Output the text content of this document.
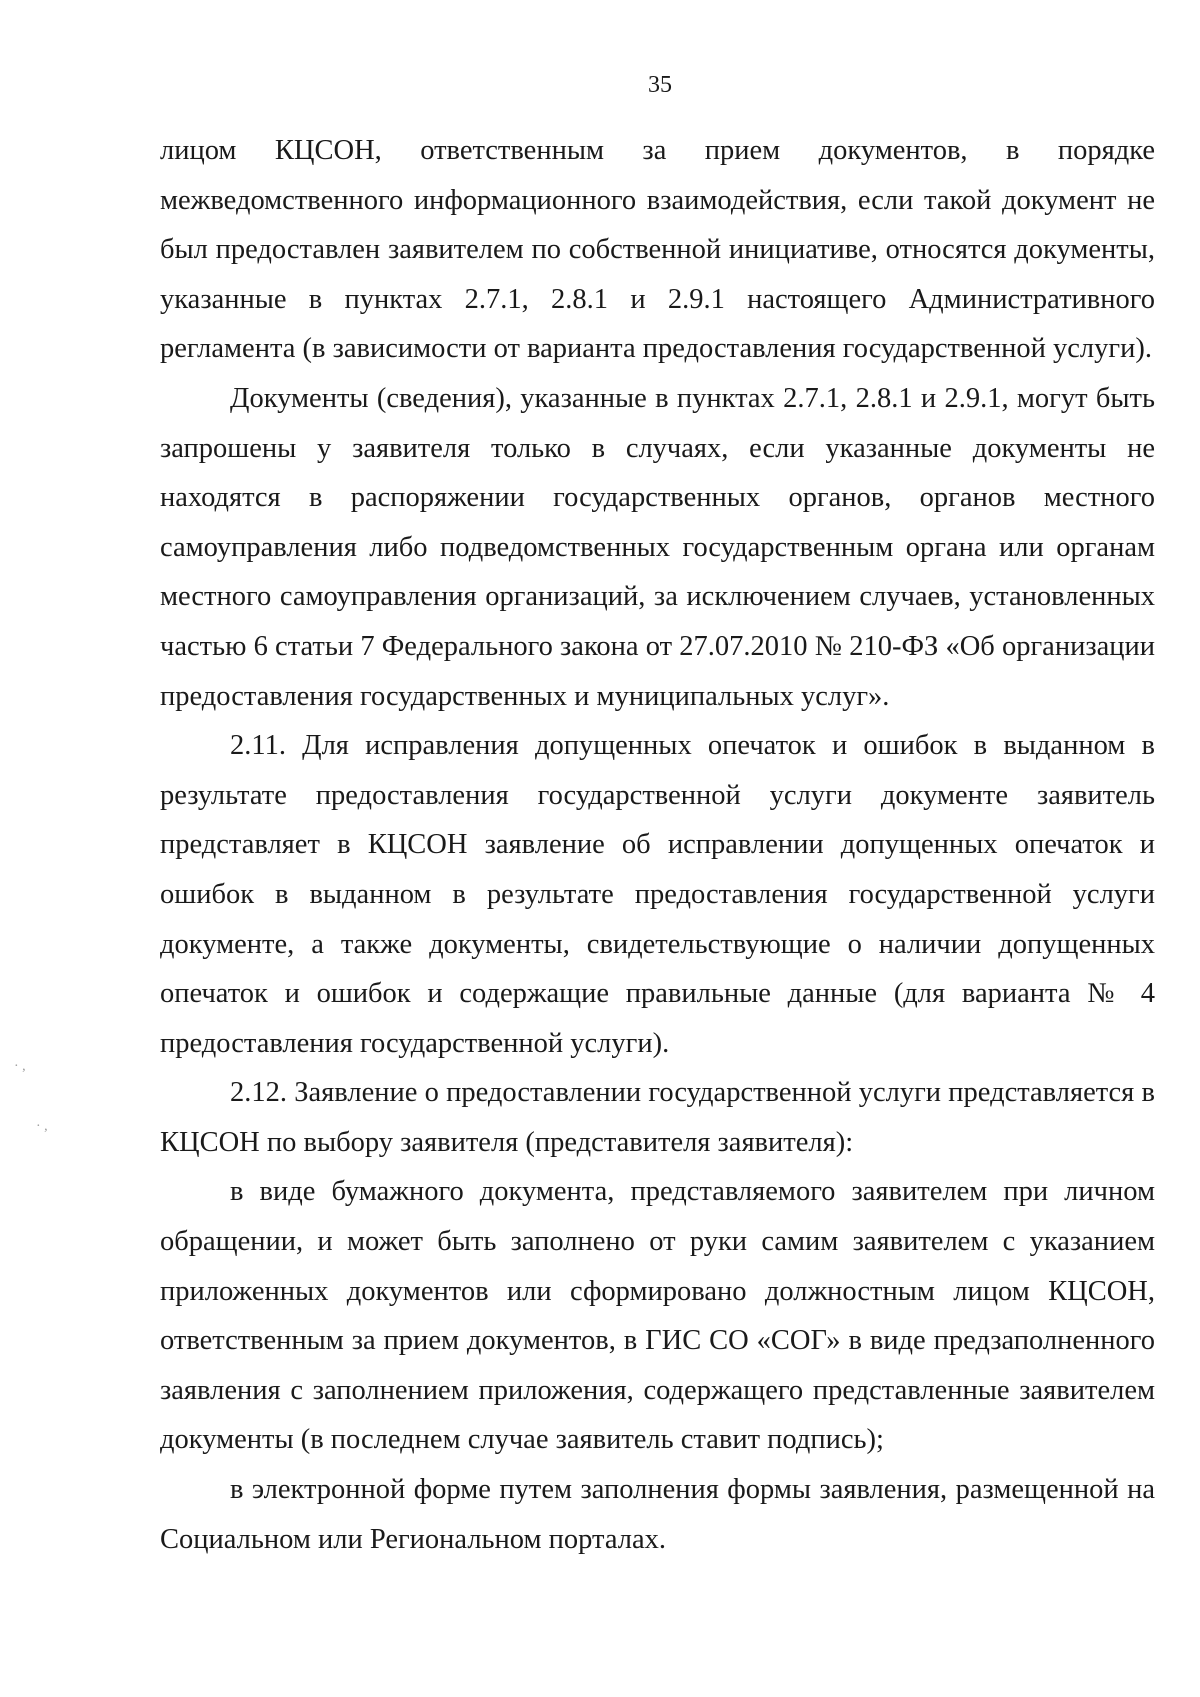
35

лицом КЦСОН, ответственным за прием документов, в порядке межведомственного информационного взаимодействия, если такой документ не был предоставлен заявителем по собственной инициативе, относятся документы, указанные в пунктах 2.7.1, 2.8.1 и 2.9.1 настоящего Административного регламента (в зависимости от варианта предоставления государственной услуги).

Документы (сведения), указанные в пунктах 2.7.1, 2.8.1 и 2.9.1, могут быть запрошены у заявителя только в случаях, если указанные документы не находятся в распоряжении государственных органов, органов местного самоуправления либо подведомственных государственным органа или органам местного самоуправления организаций, за исключением случаев, установленных частью 6 статьи 7 Федерального закона от 27.07.2010 № 210-ФЗ «Об организации предоставления государственных и муниципальных услуг».

2.11. Для исправления допущенных опечаток и ошибок в выданном в результате предоставления государственной услуги документе заявитель представляет в КЦСОН заявление об исправлении допущенных опечаток и ошибок в выданном в результате предоставления государственной услуги документе, а также документы, свидетельствующие о наличии допущенных опечаток и ошибок и содержащие правильные данные (для варианта № 4 предоставления государственной услуги).

2.12. Заявление о предоставлении государственной услуги представляется в КЦСОН по выбору заявителя (представителя заявителя):

в виде бумажного документа, представляемого заявителем при личном обращении, и может быть заполнено от руки самим заявителем с указанием приложенных документов или сформировано должностным лицом КЦСОН, ответственным за прием документов, в ГИС СО «СОГ» в виде предзаполненного заявления с заполнением приложения, содержащего представленные заявителем документы (в последнем случае заявитель ставит подпись);

в электронной форме путем заполнения формы заявления, размещенной на Социальном или Региональном порталах.

· ,
· ,
